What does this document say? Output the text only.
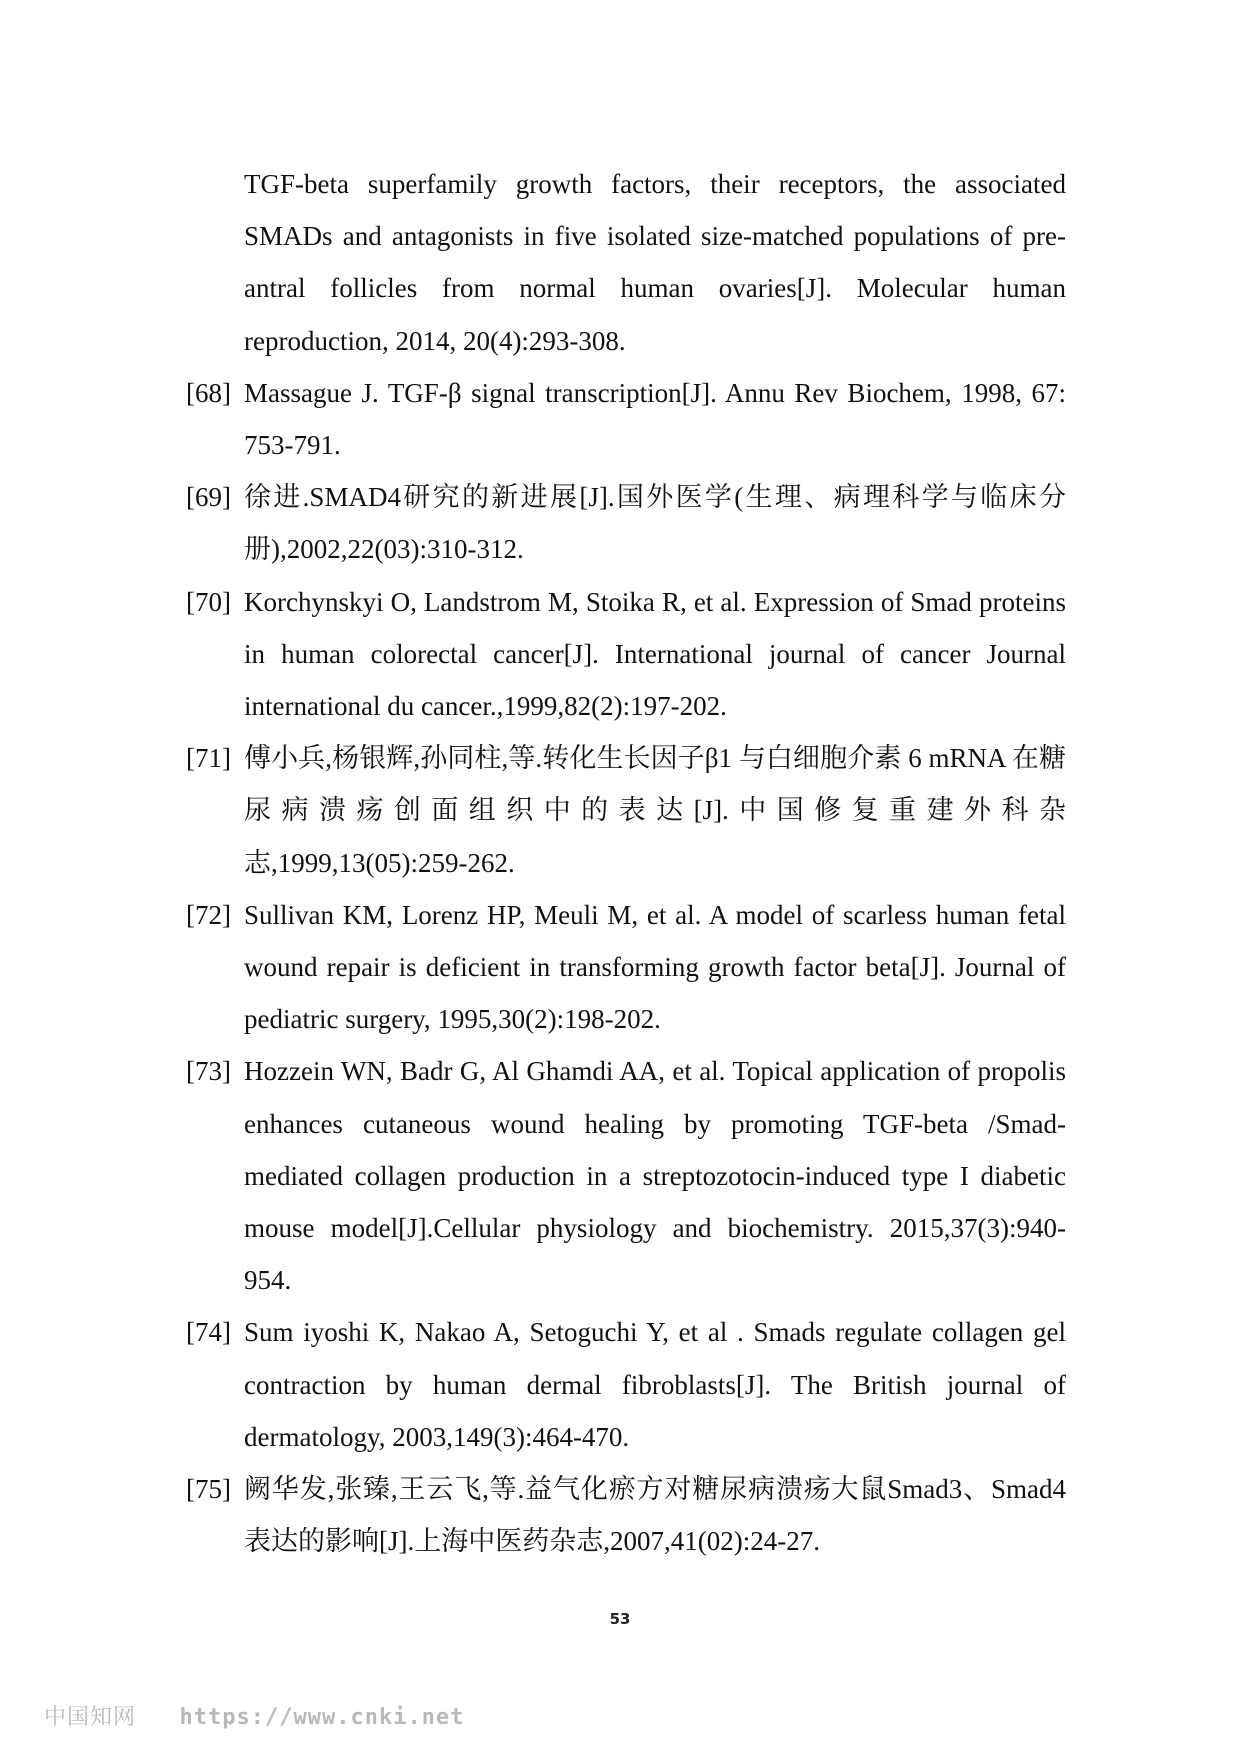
TGF-beta superfamily growth factors, their receptors, the associated SMADs and antagonists in five isolated size-matched populations of pre-antral follicles from normal human ovaries[J]. Molecular human reproduction, 2014, 20(4):293-308.
[68] Massague J. TGF-β signal transcription[J]. Annu Rev Biochem, 1998, 67: 753-791.
[69] 徐进.SMAD4研究的新进展[J].国外医学(生理、病理科学与临床分册),2002,22(03):310-312.
[70] Korchynskyi O, Landstrom M, Stoika R, et al. Expression of Smad proteins in human colorectal cancer[J]. International journal of cancer Journal international du cancer.,1999,82(2):197-202.
[71] 傅小兵,杨银辉,孙同柱,等.转化生长因子β1 与白细胞介素 6 mRNA 在糖尿病溃疡创面组织中的表达[J].中国修复重建外科杂志,1999,13(05):259-262.
[72] Sullivan KM, Lorenz HP, Meuli M, et al. A model of scarless human fetal wound repair is deficient in transforming growth factor beta[J]. Journal of pediatric surgery, 1995,30(2):198-202.
[73] Hozzein WN, Badr G, Al Ghamdi AA, et al. Topical application of propolis enhances cutaneous wound healing by promoting TGF-beta /Smad-mediated collagen production in a streptozotocin-induced type I diabetic mouse model[J].Cellular physiology and biochemistry. 2015,37(3):940-954.
[74] Sum iyoshi K, Nakao A, Setoguchi Y, et al . Smads regulate collagen gel contraction by human dermal fibroblasts[J]. The British journal of dermatology, 2003,149(3):464-470.
[75] 阙华发,张臻,王云飞,等.益气化瘀方对糖尿病溃疡大鼠Smad3、Smad4 表达的影响[J].上海中医药杂志,2007,41(02):24-27.
53
中国知网 https://www.cnki.net
